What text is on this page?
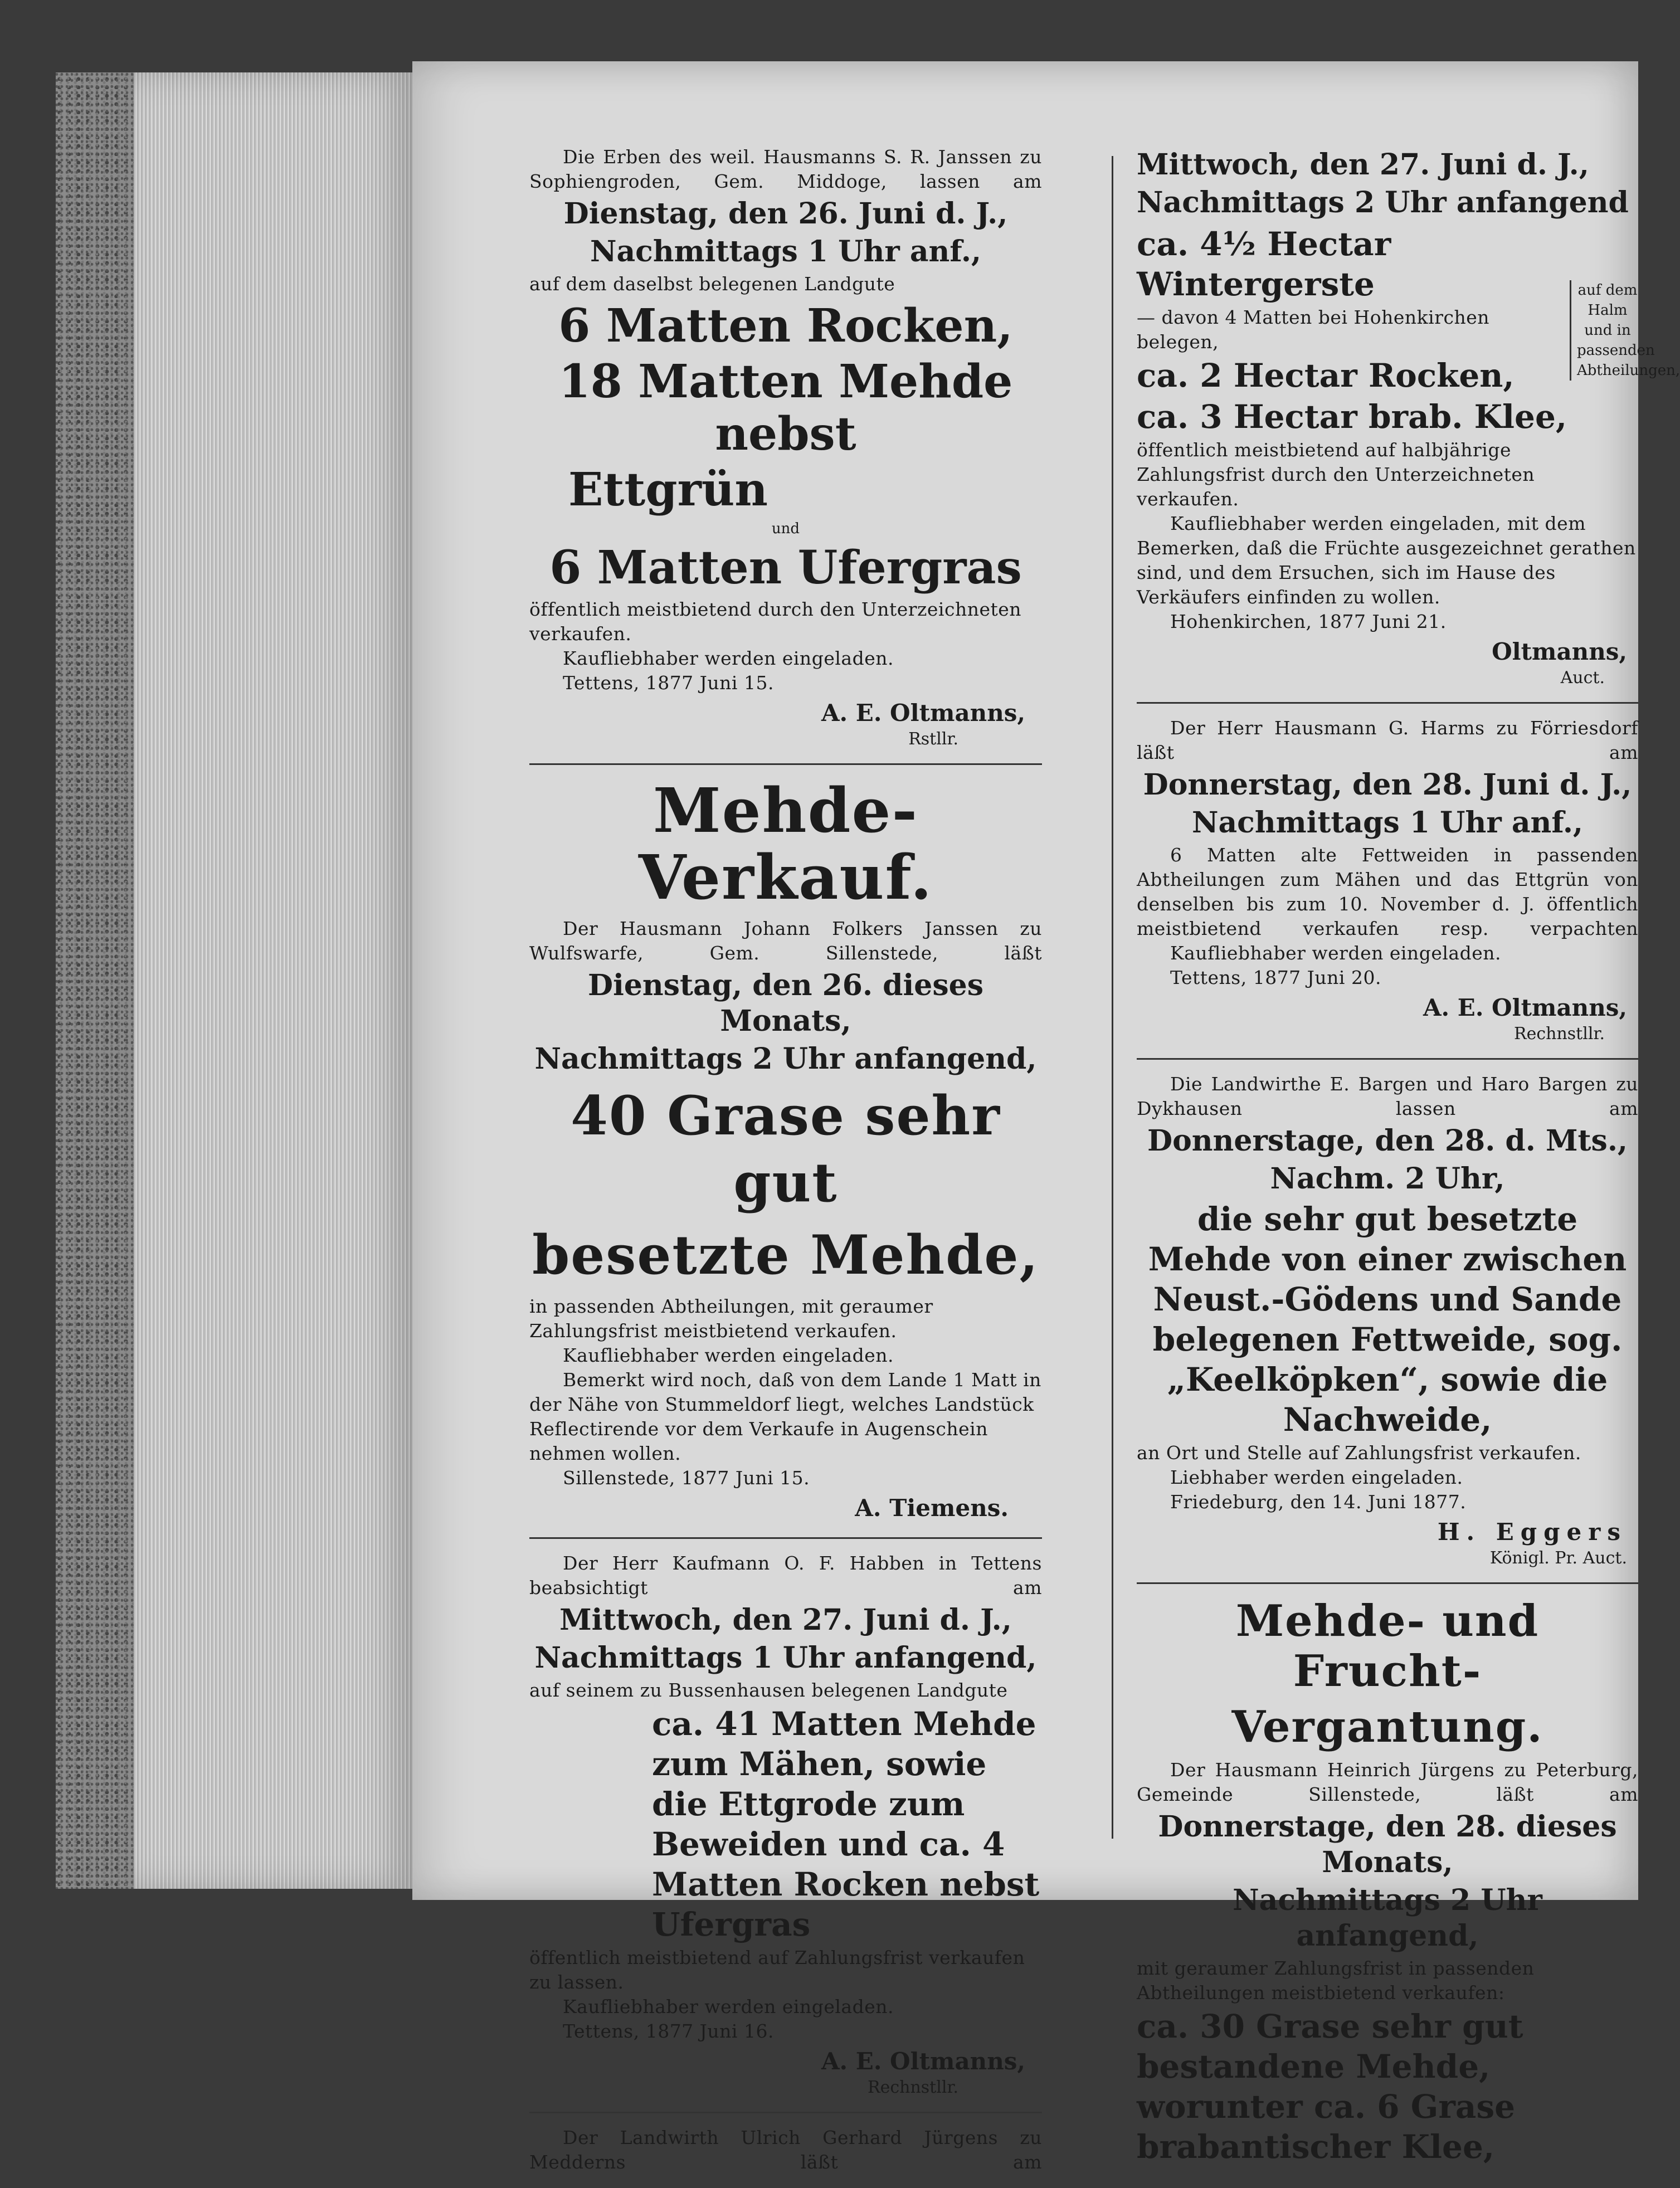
Die Erben des weil. Hausmanns S. R. Janssen zu Sophiengroden, Gem. Middoge, lassen am

Dienstag, den 26. Juni d. J.,

Nachmittags 1 Uhr anf.,

auf dem daselbst belegenen Landgute

6 Matten Rocken,

18 Matten Mehde nebst

Ettgrün

und

6 Matten Ufergras

öffentlich meistbietend durch den Unterzeichneten verkaufen.

Kaufliebhaber werden eingeladen.

Tettens, 1877 Juni 15.

A. E. Oltmanns,

Rstllr.

Mehde-Verkauf.

Der Hausmann Johann Folkers Janssen zu Wulfswarfe, Gem. Sillenstede, läßt

Dienstag, den 26. dieses Monats,

Nachmittags 2 Uhr anfangend,

40 Grase sehr gut

besetzte Mehde,

in passenden Abtheilungen, mit geraumer Zahlungsfrist meistbietend verkaufen.

Kaufliebhaber werden eingeladen.

Bemerkt wird noch, daß von dem Lande 1 Matt in der Nähe von Stummeldorf liegt, welches Landstück Reflectirende vor dem Verkaufe in Augenschein nehmen wollen.

Sillenstede, 1877 Juni 15.

A. Tiemens.

Der Herr Kaufmann O. F. Habben in Tettens beabsichtigt am

Mittwoch, den 27. Juni d. J.,

Nachmittags 1 Uhr anfangend,

auf seinem zu Bussenhausen belegenen Landgute

ca. 41 Matten Mehde zum Mähen, sowie die Ettgrode zum Beweiden und ca. 4 Matten Rocken nebst Ufergras

öffentlich meistbietend auf Zahlungsfrist verkaufen zu lassen.

Kaufliebhaber werden eingeladen.

Tettens, 1877 Juni 16.

A. E. Oltmanns,

Rechnstllr.

Der Landwirth Ulrich Gerhard Jürgens zu Medderns läßt am

Mittwoch, den 27. Juni d. J.,

Nachmittags 2 Uhr anfangend

ca. 4½ Hectar Wintergerste

— davon 4 Matten bei Hohenkirchen belegen,

ca. 2 Hectar Rocken,

ca. 3 Hectar brab. Klee,

auf dem Halm und in passenden Abtheilungen,

öffentlich meistbietend auf halbjährige Zahlungsfrist durch den Unterzeichneten verkaufen.

Kaufliebhaber werden eingeladen, mit dem Bemerken, daß die Früchte ausgezeichnet gerathen sind, und dem Ersuchen, sich im Hause des Verkäufers einfinden zu wollen.

Hohenkirchen, 1877 Juni 21.

Oltmanns,

Auct.

Der Herr Hausmann G. Harms zu Förriesdorf läßt am

Donnerstag, den 28. Juni d. J.,

Nachmittags 1 Uhr anf.,

6 Matten alte Fettweiden in passenden Abtheilungen zum Mähen und das Ettgrün von denselben bis zum 10. November d. J. öffentlich meistbietend verkaufen resp. verpachten

Kaufliebhaber werden eingeladen.

Tettens, 1877 Juni 20.

A. E. Oltmanns,

Rechnstllr.

Die Landwirthe E. Bargen und Haro Bargen zu Dykhausen lassen am

Donnerstage, den 28. d. Mts.,

Nachm. 2 Uhr,

die sehr gut besetzte Mehde von einer zwischen Neust.-Gödens und Sande belegenen Fettweide, sog. „Keelköpken“, sowie die Nachweide,

an Ort und Stelle auf Zahlungsfrist verkaufen.

Liebhaber werden eingeladen.

Friedeburg, den 14. Juni 1877.

H. Eggers

Königl. Pr. Auct.

Mehde- und Frucht-

Vergantung.

Der Hausmann Heinrich Jürgens zu Peterburg, Gemeinde Sillenstede, läßt am

Donnerstage, den 28. dieses Monats,

Nachmittags 2 Uhr anfangend,

mit geraumer Zahlungsfrist in passenden Abtheilungen meistbietend verkaufen:

ca. 30 Grase sehr gut bestandene Mehde, worunter ca. 6 Grase brabantischer Klee,
